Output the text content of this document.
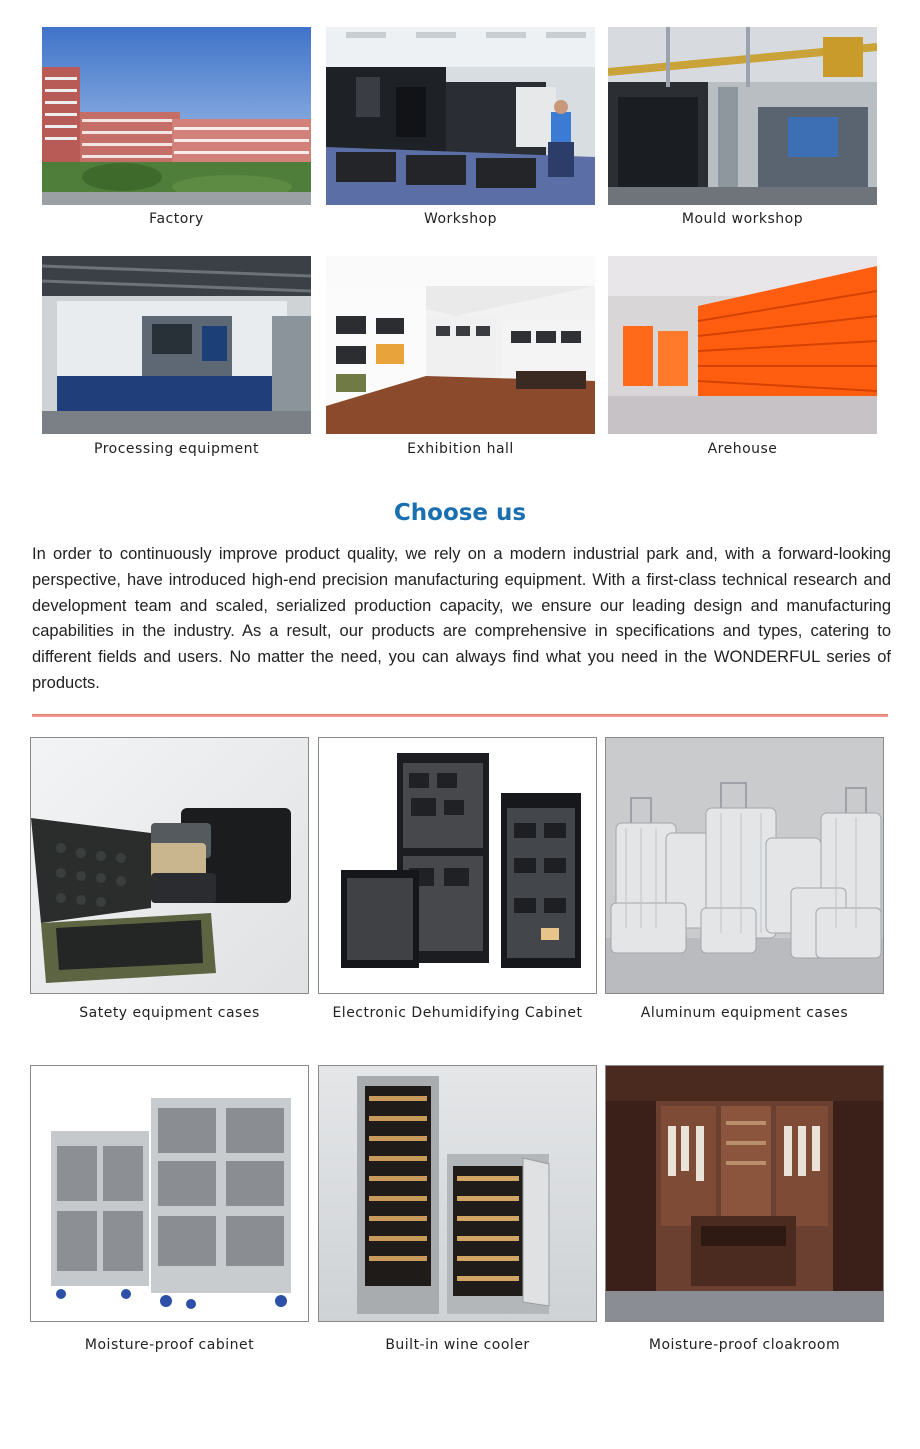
Factory	Workshop	Mould workshop
Processing equipment	Exhibition hall	Arehouse
Choose us

In order to continuously improve product quality, we rely on a modern industrial park and, with a forward-looking perspective, have introduced high-end precision manufacturing equipment. With a first-class technical research and development team and scaled, serialized production capacity, we ensure our leading design and manufacturing capabilities in the industry. As a result, our products are comprehensive in specifications and types, catering to different fields and users. No matter the need, you can always find what you need in the WONDERFUL series of products.

Satety equipment cases	Electronic Dehumidifying Cabinet	Aluminum equipment cases
Moisture-proof cabinet	Built-in wine cooler	Moisture-proof cloakroom
